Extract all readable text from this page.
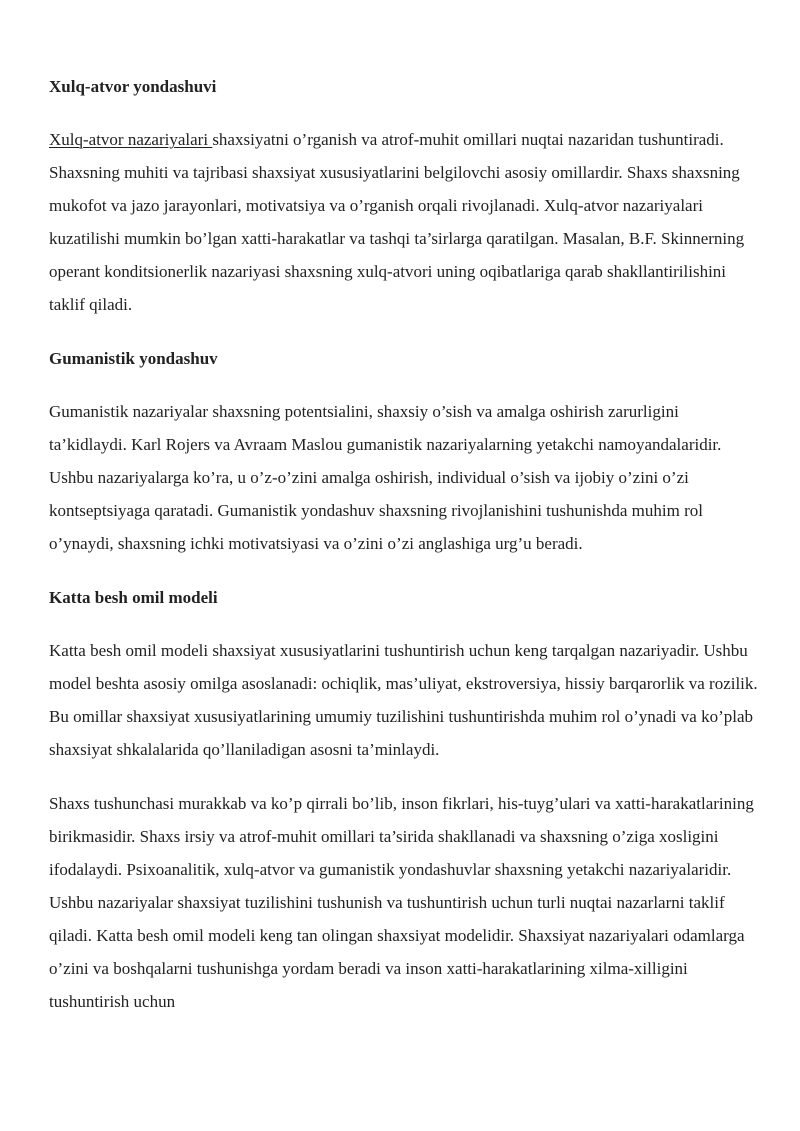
Xulq-atvor yondashuvi

Xulq-atvor nazariyalari shaxsiyatni o’rganish va atrof-muhit omillari nuqtai nazaridan tushuntiradi. Shaxsning muhiti va tajribasi shaxsiyat xususiyatlarini belgilovchi asosiy omillardir. Shaxs shaxsning mukofot va jazo jarayonlari, motivatsiya va o’rganish orqali rivojlanadi. Xulq-atvor nazariyalari kuzatilishi mumkin bo’lgan xatti-harakatlar va tashqi ta’sirlarga qaratilgan. Masalan, B.F. Skinnerning operant konditsionerlik nazariyasi shaxsning xulq-atvori uning oqibatlariga qarab shakllantirilishini taklif qiladi.

Gumanistik yondashuv

Gumanistik nazariyalar shaxsning potentsialini, shaxsiy o’sish va amalga oshirish zarurligini ta’kidlaydi. Karl Rojers va Avraam Maslou gumanistik nazariyalarning yetakchi namoyandalaridir. Ushbu nazariyalarga ko’ra, u o’z-o’zini amalga oshirish, individual o’sish va ijobiy o’zini o’zi kontseptsiyaga qaratadi. Gumanistik yondashuv shaxsning rivojlanishini tushunishda muhim rol o’ynaydi, shaxsning ichki motivatsiyasi va o’zini o’zi anglashiga urg’u beradi.

Katta besh omil modeli

Katta besh omil modeli shaxsiyat xususiyatlarini tushuntirish uchun keng tarqalgan nazariyadir. Ushbu model beshta asosiy omilga asoslanadi: ochiqlik, mas’uliyat, ekstroversiya, hissiy barqarorlik va rozilik. Bu omillar shaxsiyat xususiyatlarining umumiy tuzilishini tushuntirishda muhim rol o’ynadi va ko’plab shaxsiyat shkalalarida qo’llaniladigan asosni ta’minlaydi.

Shaxs tushunchasi murakkab va ko’p qirrali bo’lib, inson fikrlari, his-tuyg’ulari va xatti-harakatlarining birikmasidir. Shaxs irsiy va atrof-muhit omillari ta’sirida shakllanadi va shaxsning o’ziga xosligini ifodalaydi. Psixoanalitik, xulq-atvor va gumanistik yondashuvlar shaxsning yetakchi nazariyalaridir. Ushbu nazariyalar shaxsiyat tuzilishini tushunish va tushuntirish uchun turli nuqtai nazarlarni taklif qiladi. Katta besh omil modeli keng tan olingan shaxsiyat modelidir. Shaxsiyat nazariyalari odamlarga o’zini va boshqalarni tushunishga yordam beradi va inson xatti-harakatlarining xilma-xilligini tushuntirish uchun
